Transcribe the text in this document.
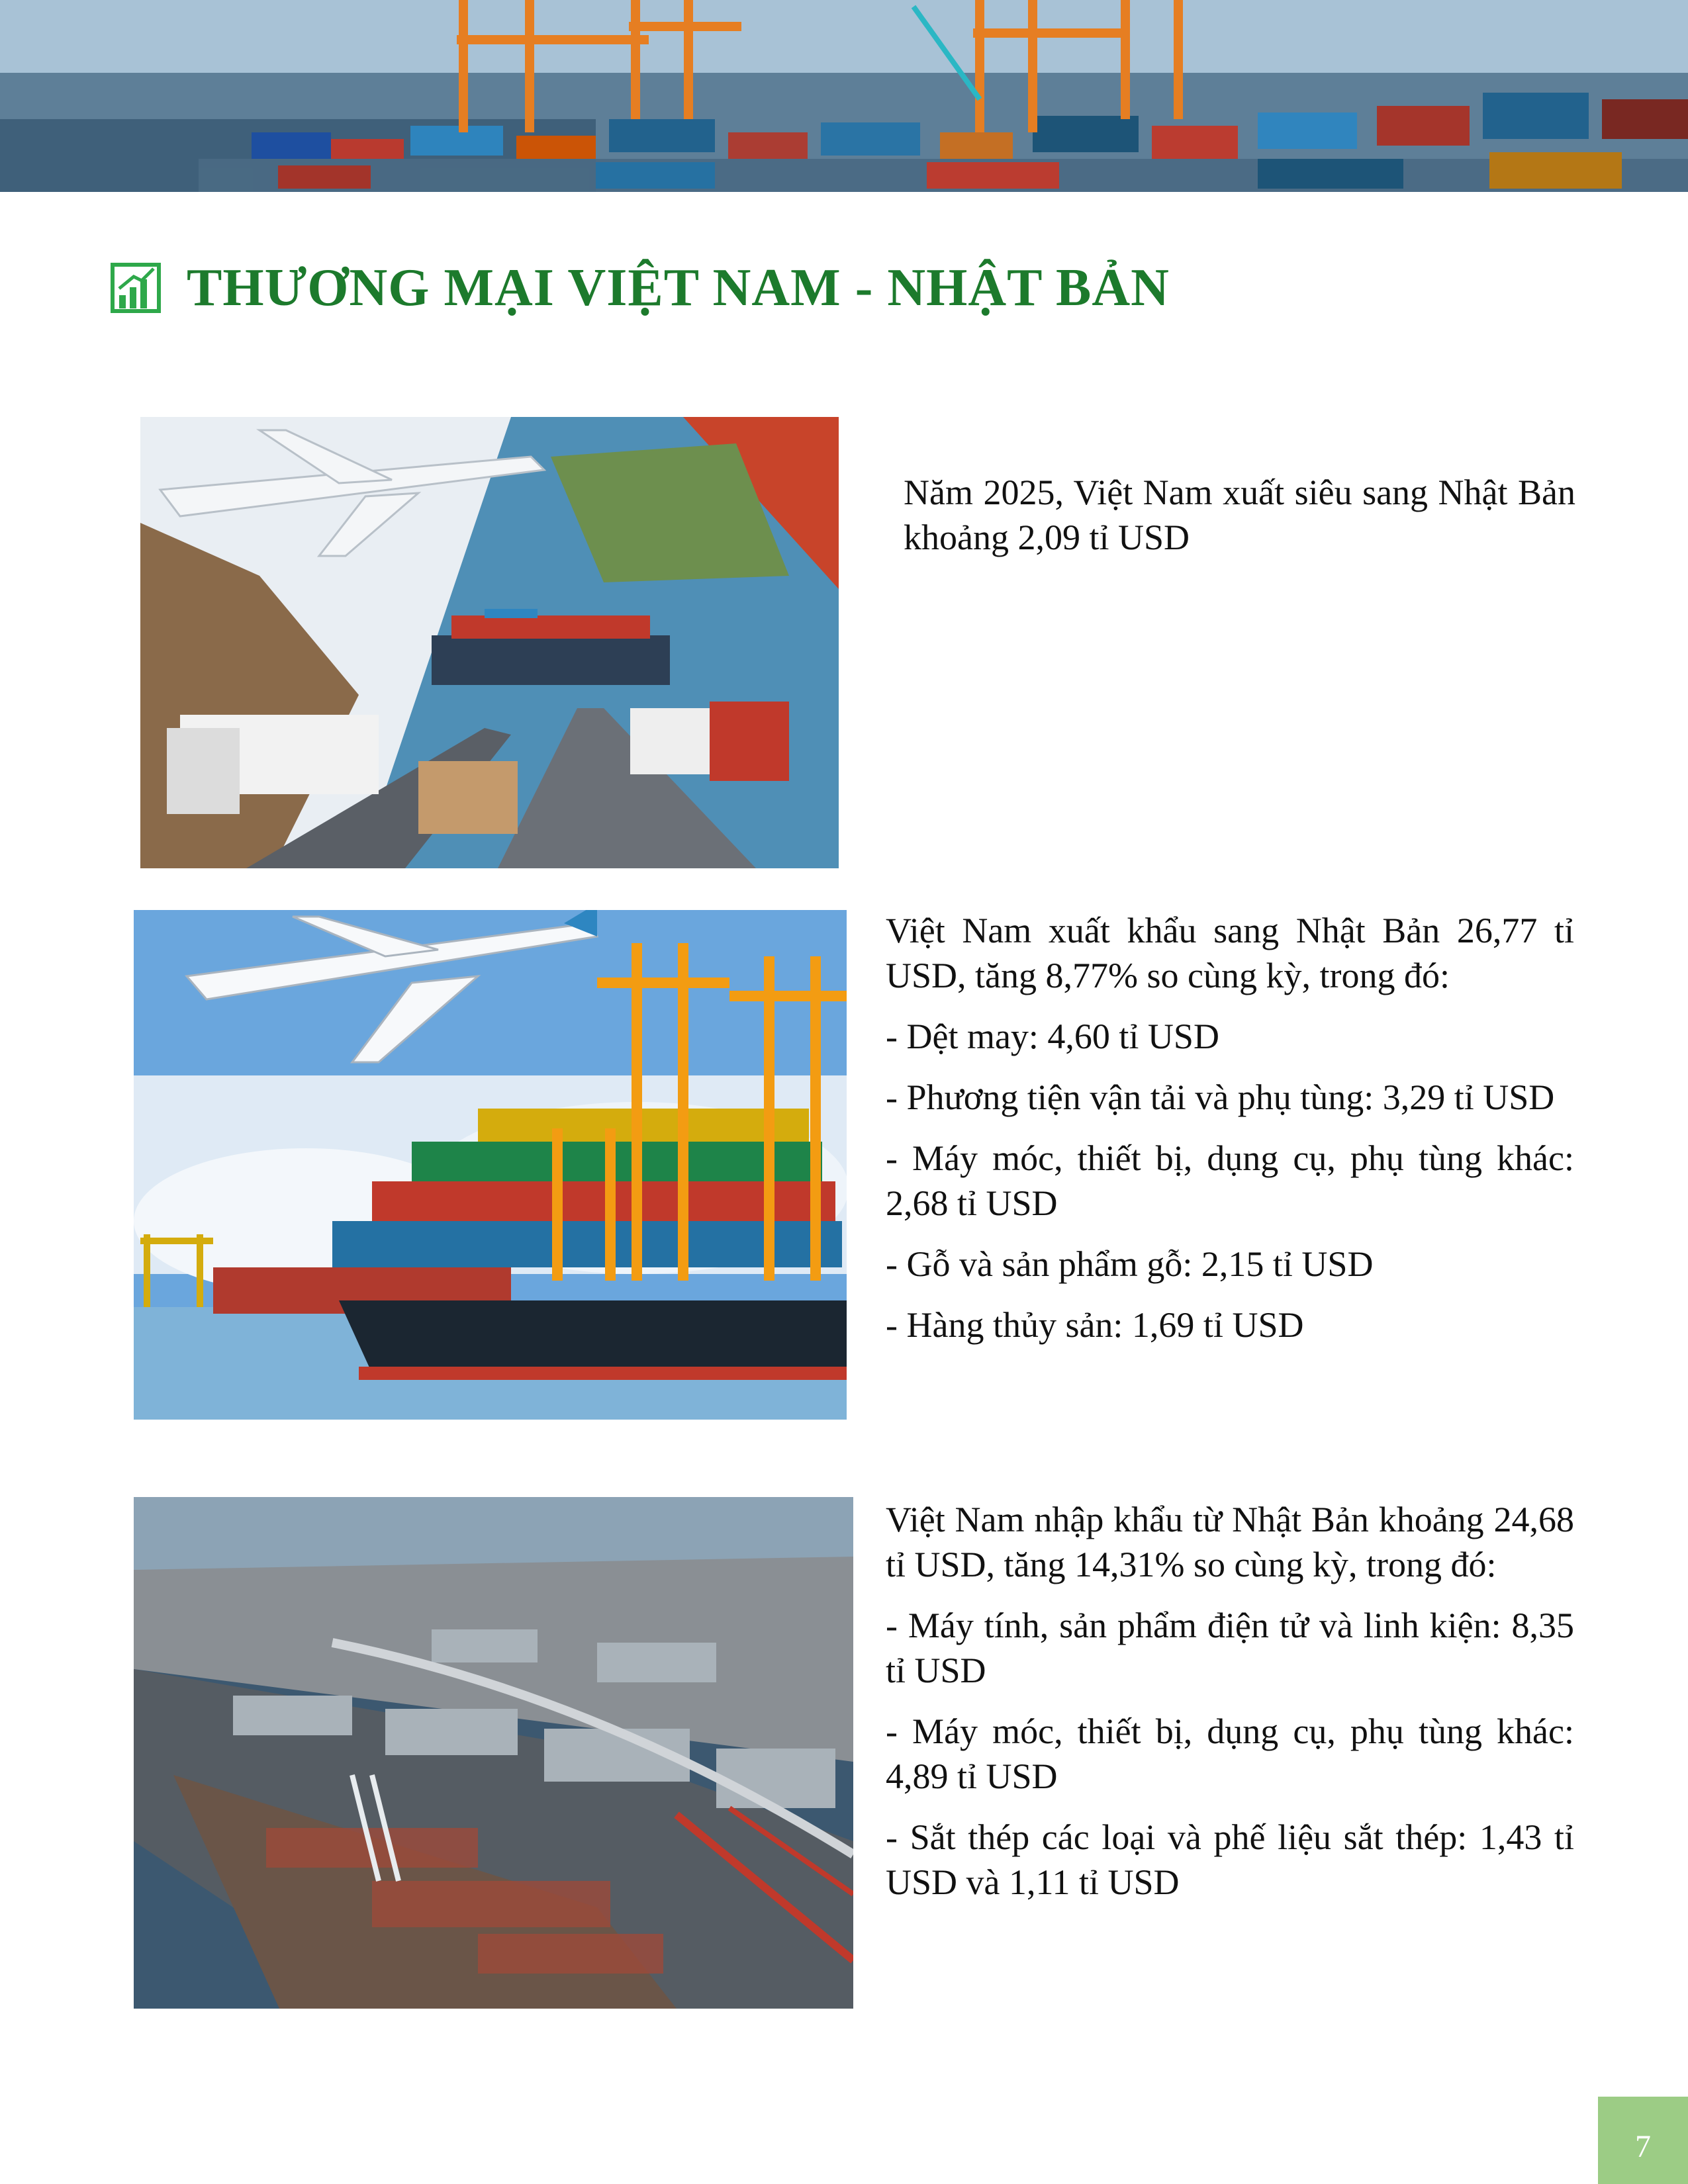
THƯƠNG MẠI VIỆT NAM - NHẬT BẢN

Năm 2025, Việt Nam xuất siêu sang Nhật Bản khoảng 2,09 tỉ USD

Việt Nam xuất khẩu sang Nhật Bản 26,77 tỉ USD, tăng 8,77% so cùng kỳ, trong đó:

- Dệt may: 4,60 tỉ USD

- Phương tiện vận tải và phụ tùng: 3,29 tỉ USD

- Máy móc, thiết bị, dụng cụ, phụ tùng khác: 2,68 tỉ USD

- Gỗ và sản phẩm gỗ: 2,15 tỉ USD

- Hàng thủy sản: 1,69 tỉ USD

Việt Nam nhập khẩu từ Nhật Bản khoảng 24,68 tỉ USD, tăng 14,31% so cùng kỳ, trong đó:

- Máy tính, sản phẩm điện tử và linh kiện: 8,35 tỉ USD

- Máy móc, thiết bị, dụng cụ, phụ tùng khác: 4,89 tỉ USD

- Sắt thép các loại và phế liệu sắt thép: 1,43 tỉ USD và 1,11 tỉ USD

7
